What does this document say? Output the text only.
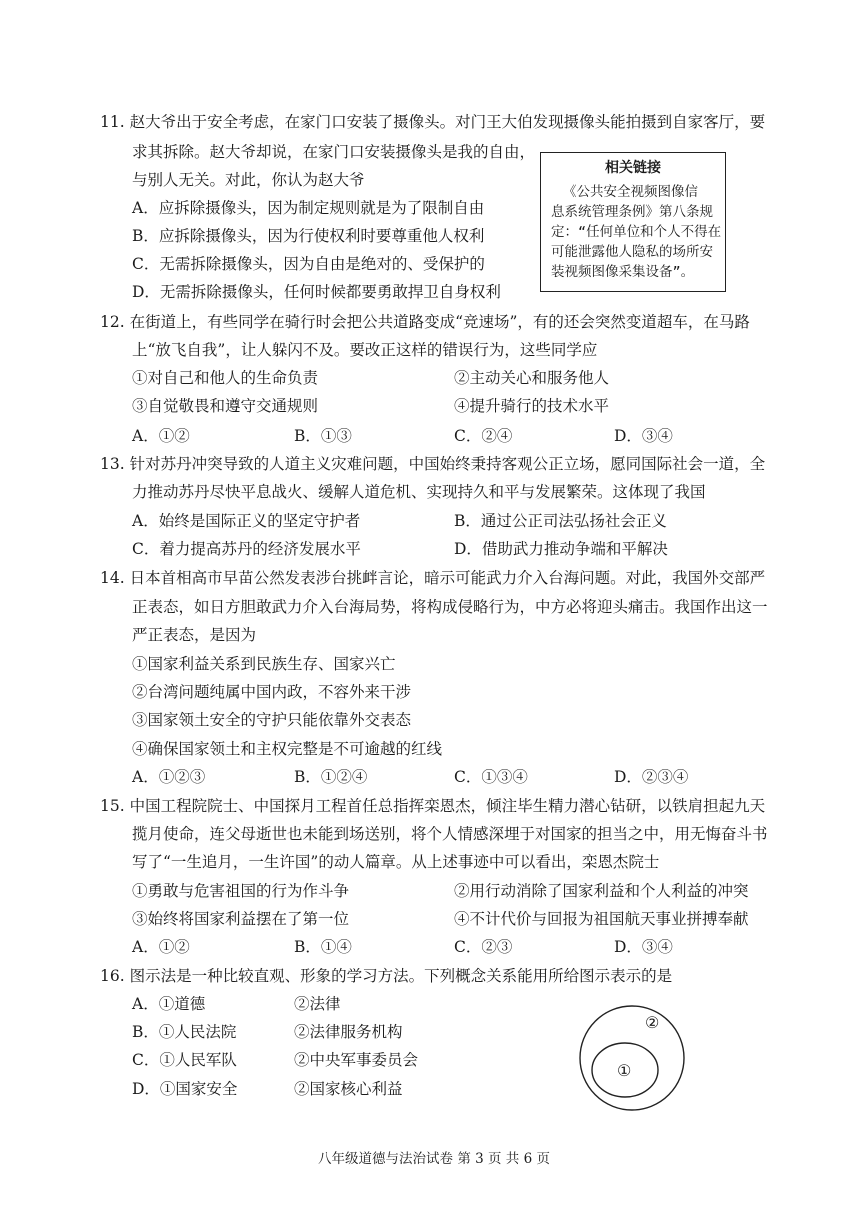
11. 赵大爷出于安全考虑，在家门口安装了摄像头。对门王大伯发现摄像头能拍摄到自家客厅，要
求其拆除。赵大爷却说，在家门口安装摄像头是我的自由，
与别人无关。对此，你认为赵大爷
A．应拆除摄像头，因为制定规则就是为了限制自由
B．应拆除摄像头，因为行使权利时要尊重他人权利
C．无需拆除摄像头，因为自由是绝对的、受保护的
D．无需拆除摄像头，任何时候都要勇敢捍卫自身权利
相关链接
《公共安全视频图像信
息系统管理条例》第八条规
定：“任何单位和个人不得在
可能泄露他人隐私的场所安
装视频图像采集设备”。
12. 在街道上，有些同学在骑行时会把公共道路变成“竞速场”，有的还会突然变道超车，在马路
上“放飞自我”，让人躲闪不及。要改正这样的错误行为，这些同学应
①对自己和他人的生命负责	②主动关心和服务他人
③自觉敬畏和遵守交通规则	④提升骑行的技术水平
A．①②	B．①③	C．②④	D．③④
13. 针对苏丹冲突导致的人道主义灾难问题，中国始终秉持客观公正立场，愿同国际社会一道，全
力推动苏丹尽快平息战火、缓解人道危机、实现持久和平与发展繁荣。这体现了我国
A．始终是国际正义的坚定守护者	B．通过公正司法弘扬社会正义
C．着力提高苏丹的经济发展水平	D．借助武力推动争端和平解决
14. 日本首相高市早苗公然发表涉台挑衅言论，暗示可能武力介入台海问题。对此，我国外交部严
正表态，如日方胆敢武力介入台海局势，将构成侵略行为，中方必将迎头痛击。我国作出这一
严正表态，是因为
①国家利益关系到民族生存、国家兴亡
②台湾问题纯属中国内政，不容外来干涉
③国家领土安全的守护只能依靠外交表态
④确保国家领土和主权完整是不可逾越的红线
A．①②③	B．①②④	C．①③④	D．②③④
15. 中国工程院院士、中国探月工程首任总指挥栾恩杰，倾注毕生精力潜心钻研，以铁肩担起九天
揽月使命，连父母逝世也未能到场送别，将个人情感深埋于对国家的担当之中，用无悔奋斗书
写了“一生追月，一生许国”的动人篇章。从上述事迹中可以看出，栾恩杰院士
①勇敢与危害祖国的行为作斗争	②用行动消除了国家利益和个人利益的冲突
③始终将国家利益摆在了第一位	④不计代价与回报为祖国航天事业拼搏奉献
A．①②	B．①④	C．②③	D．③④
16. 图示法是一种比较直观、形象的学习方法。下列概念关系能用所给图示表示的是
A．①道德	②法律
B．①人民法院	②法律服务机构
C．①人民军队	②中央军事委员会
D．①国家安全	②国家核心利益
②
①
八年级道德与法治试卷 第 3 页 共 6 页
